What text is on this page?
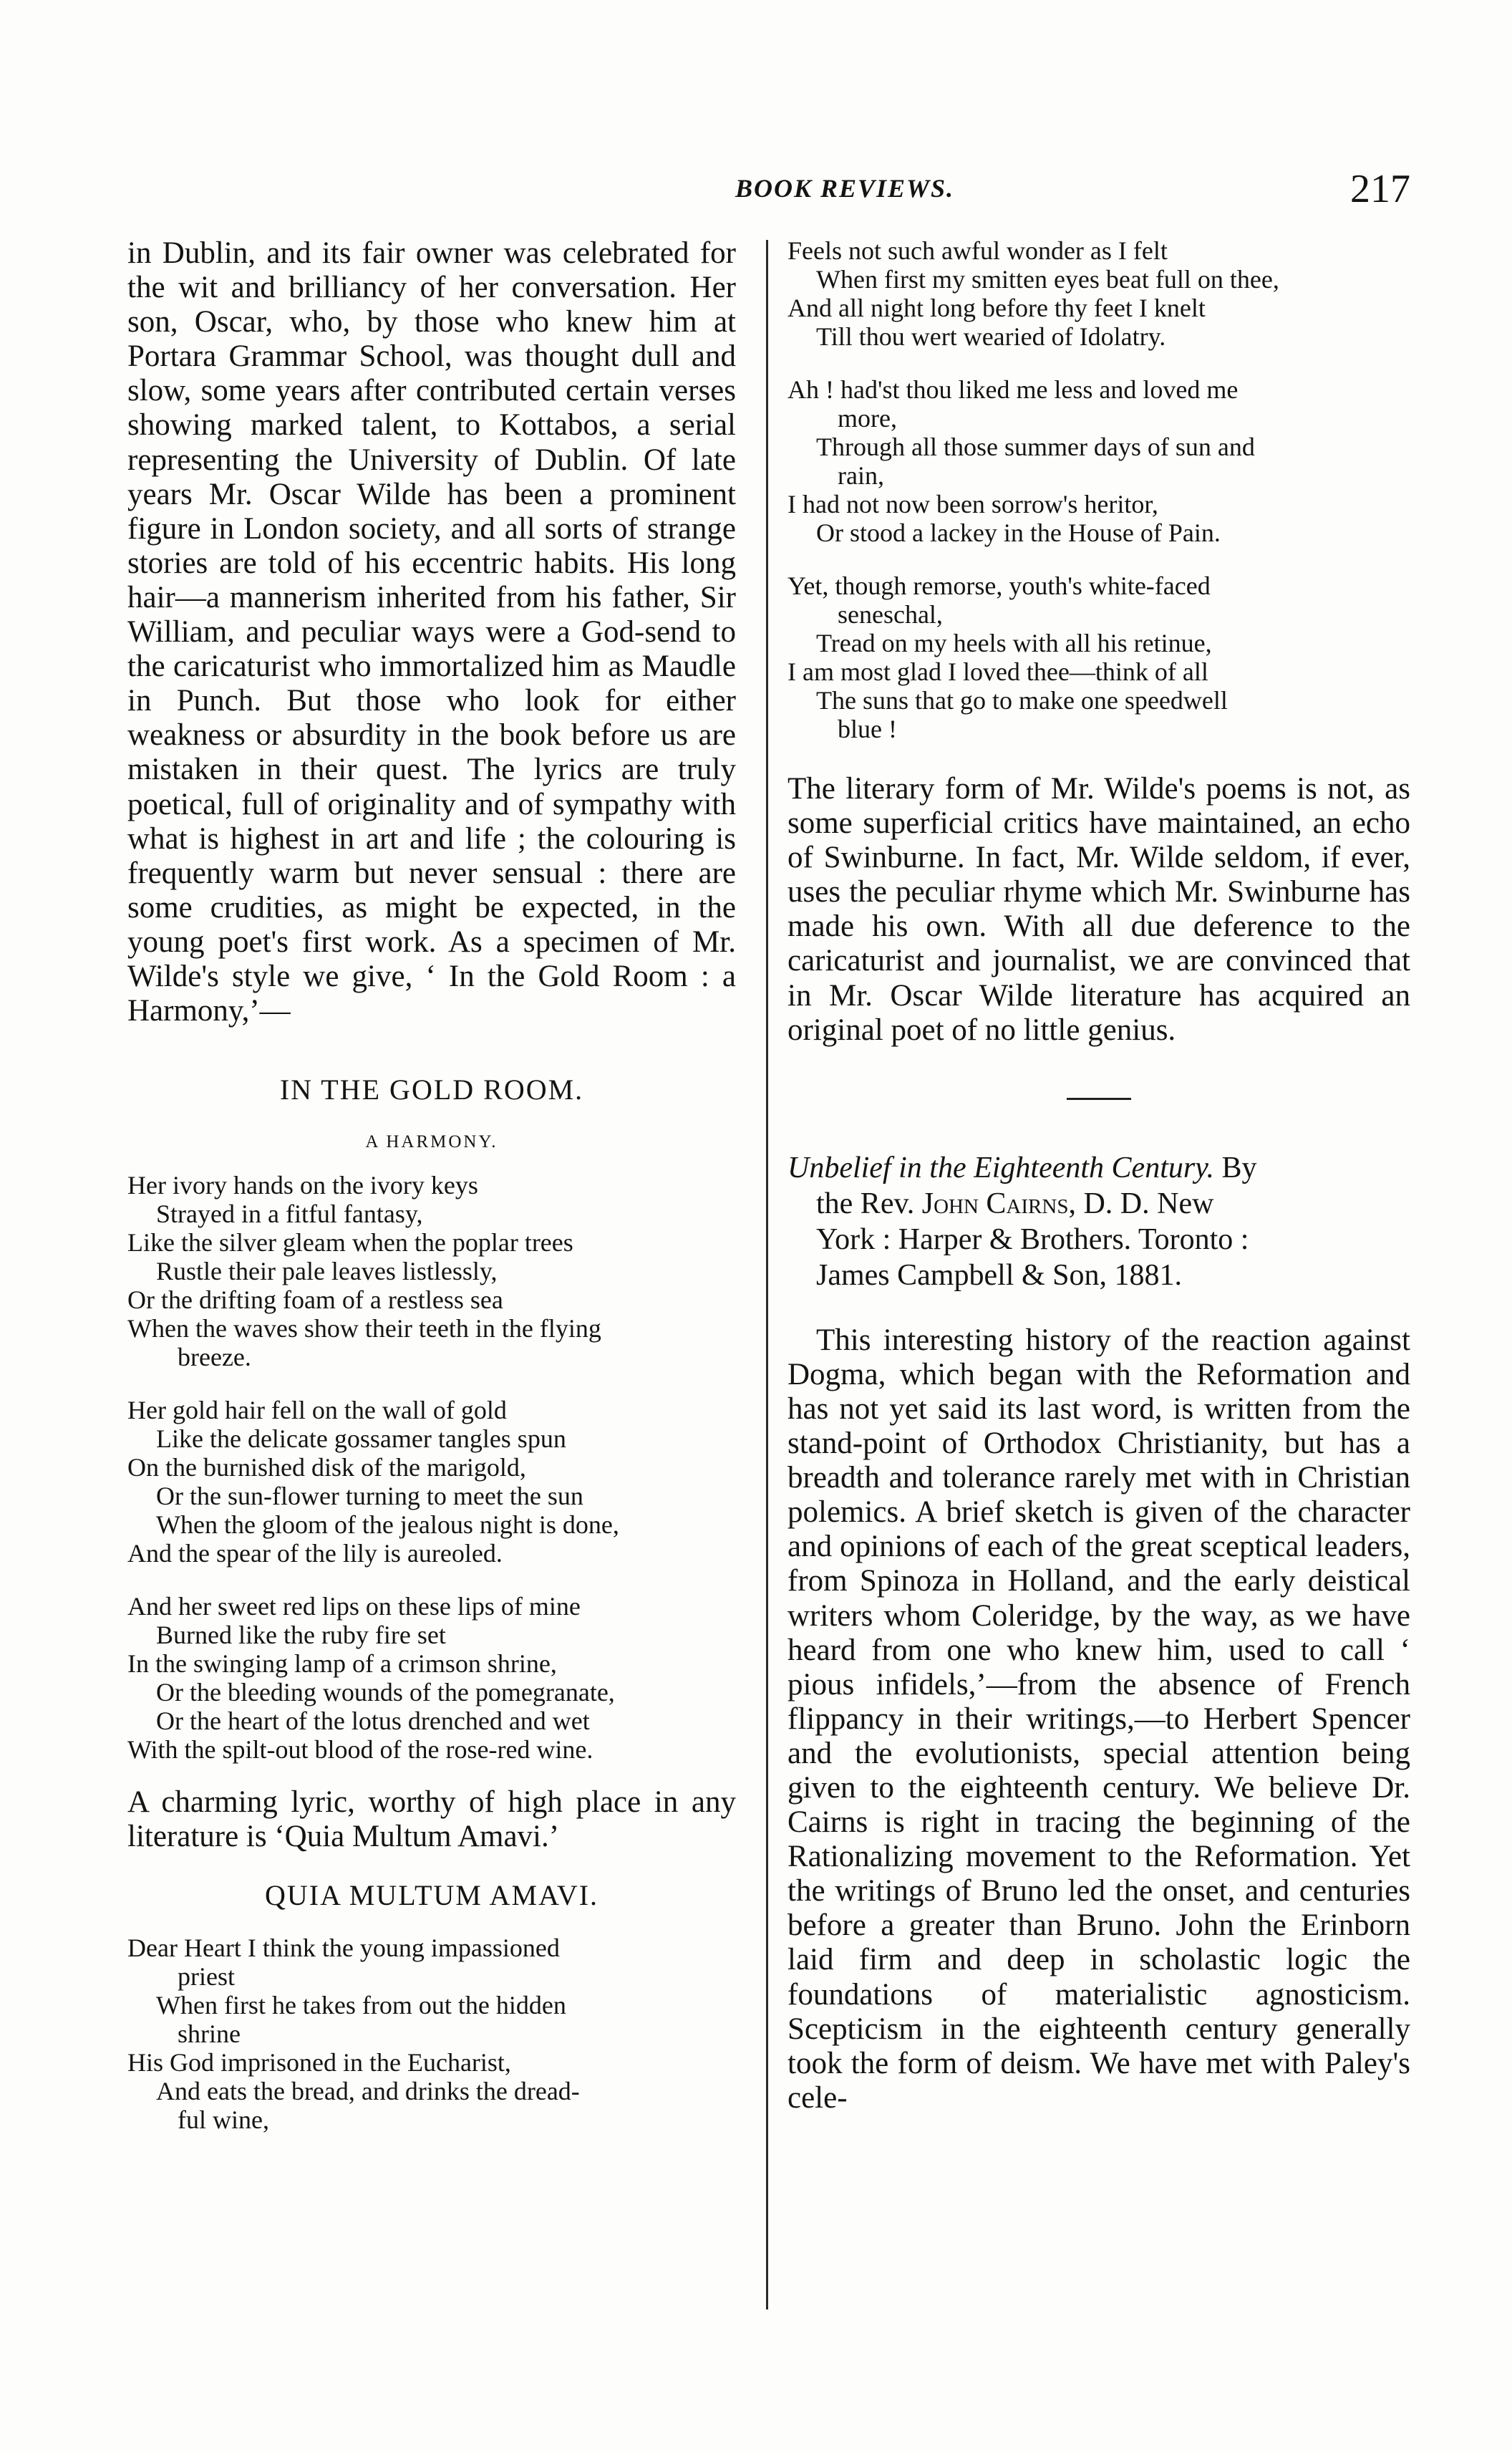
BOOK REVIEWS.	217

in Dublin, and its fair owner was celebrated for the wit and brilliancy of her conversation. Her son, Oscar, who, by those who knew him at Portara Grammar School, was thought dull and slow, some years after contributed certain verses showing marked talent, to Kottabos, a serial representing the University of Dublin. Of late years Mr. Oscar Wilde has been a prominent figure in London society, and all sorts of strange stories are told of his eccentric habits. His long hair—a mannerism inherited from his father, Sir William, and peculiar ways were a God-send to the caricaturist who immortalized him as Maudle in Punch. But those who look for either weakness or absurdity in the book before us are mistaken in their quest. The lyrics are truly poetical, full of originality and of sympathy with what is highest in art and life ; the colouring is frequently warm but never sensual : there are some crudities, as might be expected, in the young poet's first work. As a specimen of Mr. Wilde's style we give, ‘ In the Gold Room : a Harmony,’—

IN THE GOLD ROOM.

A HARMONY.

Her ivory hands on the ivory keys
Strayed in a fitful fantasy,
Like the silver gleam when the poplar trees
Rustle their pale leaves listlessly,
Or the drifting foam of a restless sea
When the waves show their teeth in the flying
breeze.
Her gold hair fell on the wall of gold
Like the delicate gossamer tangles spun
On the burnished disk of the marigold,
Or the sun-flower turning to meet the sun
When the gloom of the jealous night is done,
And the spear of the lily is aureoled.
And her sweet red lips on these lips of mine
Burned like the ruby fire set
In the swinging lamp of a crimson shrine,
Or the bleeding wounds of the pomegranate,
Or the heart of the lotus drenched and wet
With the spilt-out blood of the rose-red wine.

A charming lyric, worthy of high place in any literature is ‘Quia Multum Amavi.’

QUIA MULTUM AMAVI.

Dear Heart I think the young impassioned
priest
When first he takes from out the hidden
shrine
His God imprisoned in the Eucharist,
And eats the bread, and drinks the dread-
ful wine,
Feels not such awful wonder as I felt
When first my smitten eyes beat full on thee,
And all night long before thy feet I knelt
Till thou wert wearied of Idolatry.
Ah ! had'st thou liked me less and loved me
more,
Through all those summer days of sun and
rain,
I had not now been sorrow's heritor,
Or stood a lackey in the House of Pain.
Yet, though remorse, youth's white-faced
seneschal,
Tread on my heels with all his retinue,
I am most glad I loved thee—think of all
The suns that go to make one speedwell
blue !

The literary form of Mr. Wilde's poems is not, as some superficial critics have maintained, an echo of Swinburne. In fact, Mr. Wilde seldom, if ever, uses the peculiar rhyme which Mr. Swinburne has made his own. With all due deference to the caricaturist and journalist, we are convinced that in Mr. Oscar Wilde literature has acquired an original poet of no little genius.

Unbelief in the Eighteenth Century. By
the Rev. John Cairns, D. D. New
York : Harper & Brothers. Toronto :
James Campbell & Son, 1881.

This interesting history of the reaction against Dogma, which began with the Reformation and has not yet said its last word, is written from the stand-point of Orthodox Christianity, but has a breadth and tolerance rarely met with in Christian polemics. A brief sketch is given of the character and opinions of each of the great sceptical leaders, from Spinoza in Holland, and the early deistical writers whom Coleridge, by the way, as we have heard from one who knew him, used to call ‘ pious infidels,’—from the absence of French flippancy in their writings,—to Herbert Spencer and the evolutionists, special attention being given to the eighteenth century. We believe Dr. Cairns is right in tracing the beginning of the Rationalizing movement to the Reformation. Yet the writings of Bruno led the onset, and centuries before a greater than Bruno. John the Erinborn laid firm and deep in scholastic logic the foundations of materialistic agnosticism. Scepticism in the eighteenth century generally took the form of deism. We have met with Paley's cele-
